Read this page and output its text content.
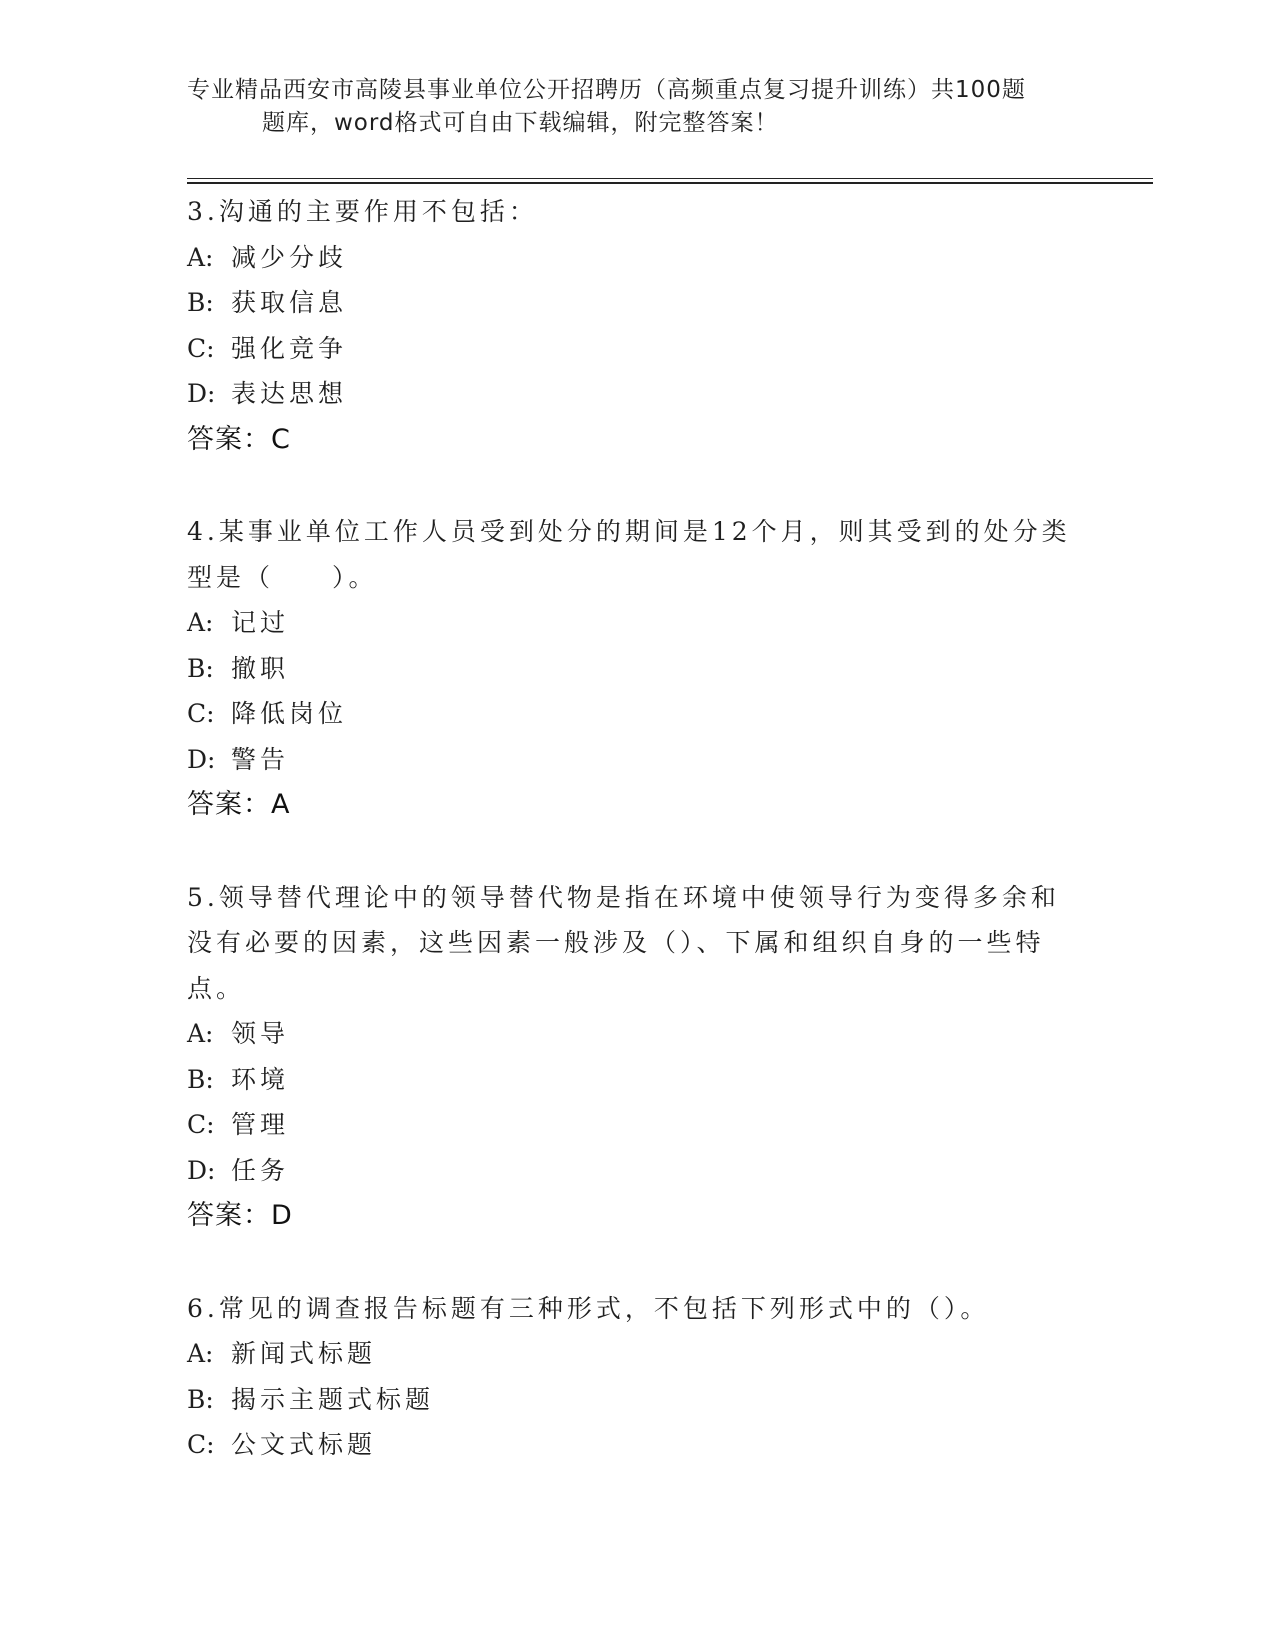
专业精品西安市高陵县事业单位公开招聘历（高频重点复习提升训练）共100题
题库，word格式可自由下载编辑，附完整答案！

3.沟通的主要作用不包括：

A: 减少分歧

B: 获取信息

C: 强化竞争

D: 表达思想

答案：C

4.某事业单位工作人员受到处分的期间是12个月，则其受到的处分类型是（　　）。

A: 记过

B: 撤职

C: 降低岗位

D: 警告

答案：A

5.领导替代理论中的领导替代物是指在环境中使领导行为变得多余和没有必要的因素，这些因素一般涉及（）、下属和组织自身的一些特点。

A: 领导

B: 环境

C: 管理

D: 任务

答案：D

6.常见的调查报告标题有三种形式，不包括下列形式中的（）。

A: 新闻式标题

B: 揭示主题式标题

C: 公文式标题
